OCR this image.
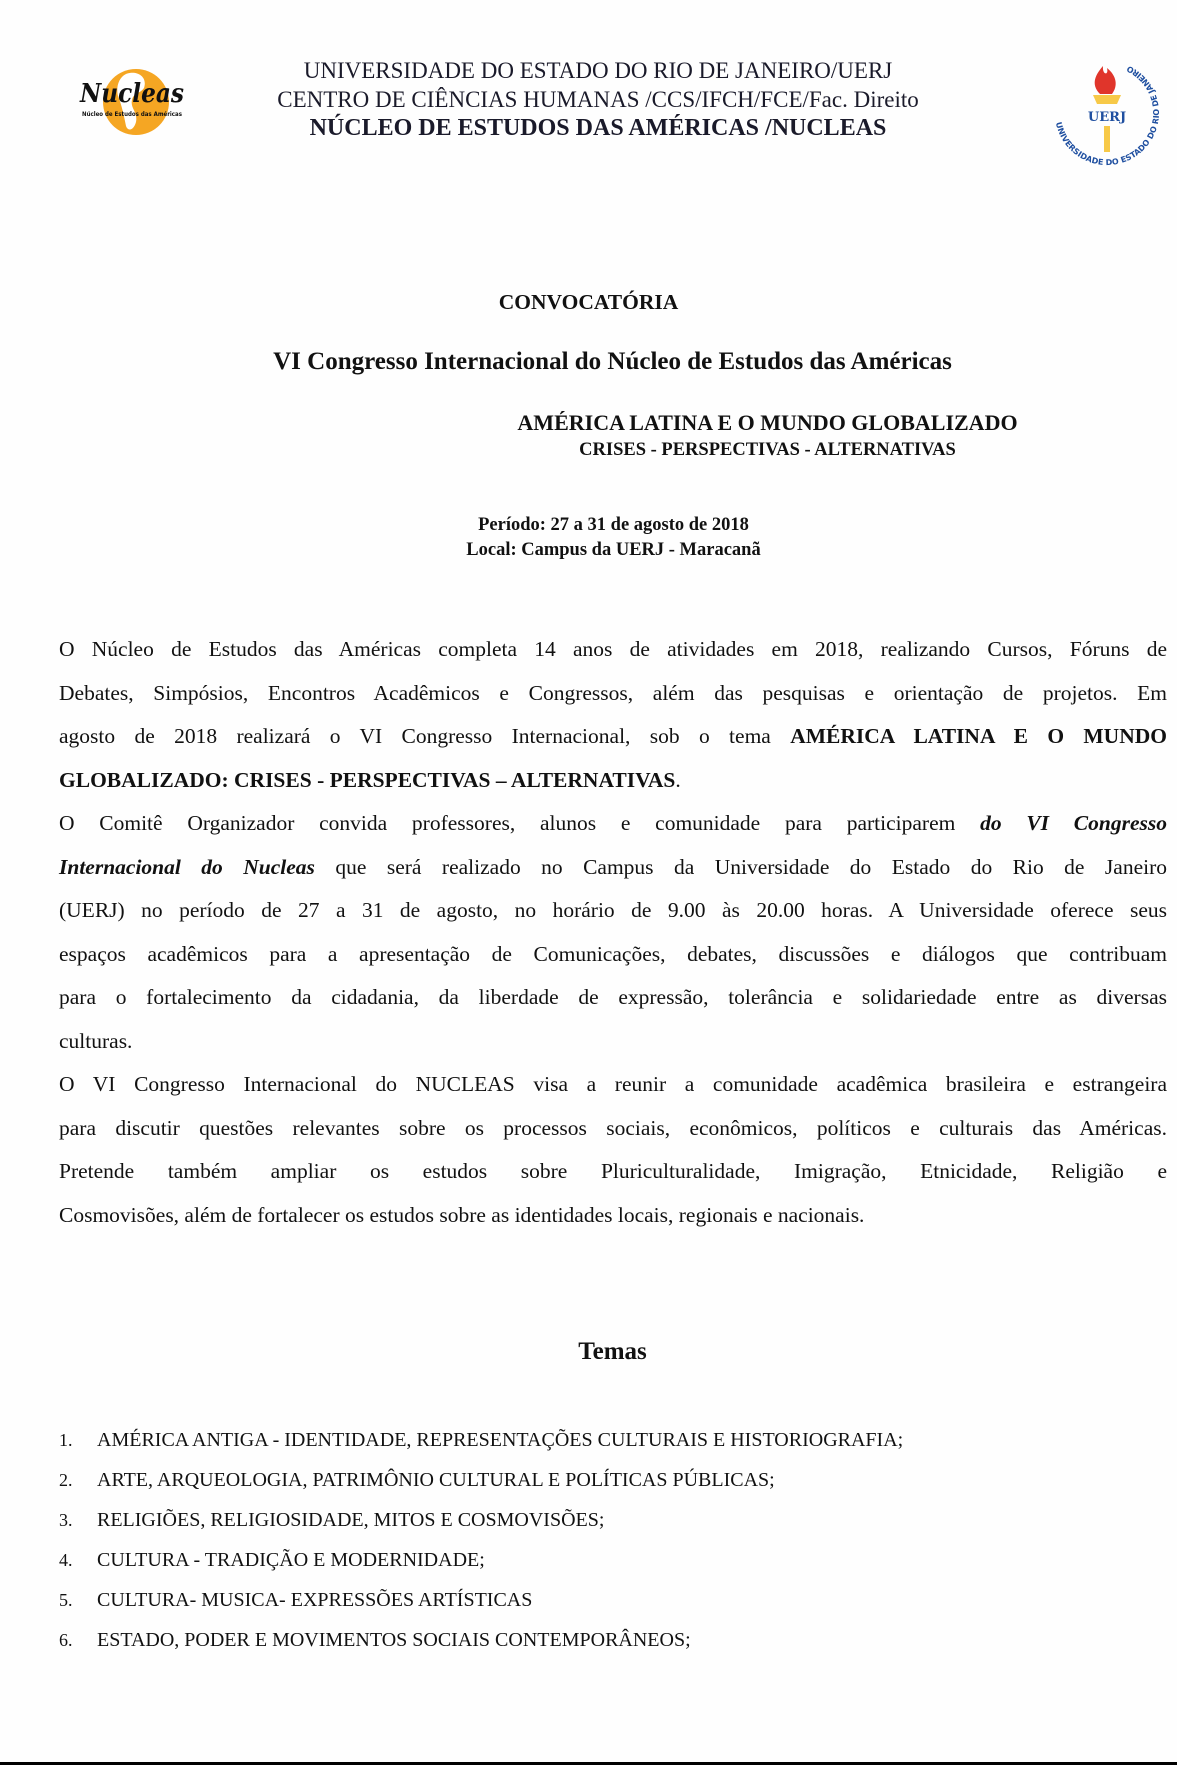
Nucleas
Núcleo de Estudos das Américas
UNIVERSIDADE DO ESTADO DO RIO DE JANEIRO/UERJ
CENTRO DE CIÊNCIAS HUMANAS /CCS/IFCH/FCE/Fac. Direito
NÚCLEO DE ESTUDOS DAS AMÉRICAS /NUCLEAS	UNIVERSIDADE DO ESTADO DO RIO DE JANEIRO
UERJ
CONVOCATÓRIA
VI Congresso Internacional do Núcleo de Estudos das Américas
AMÉRICA LATINA E O MUNDO GLOBALIZADO
CRISES - PERSPECTIVAS - ALTERNATIVAS
Período: 27 a 31 de agosto de 2018
Local: Campus da UERJ - Maracanã
O Núcleo de Estudos das Américas completa 14 anos de atividades em 2018, realizando Cursos, Fóruns de
Debates, Simpósios, Encontros Acadêmicos e Congressos, além das pesquisas e orientação de projetos. Em
agosto de 2018 realizará o VI Congresso Internacional, sob o tema AMÉRICA LATINA E O MUNDO
GLOBALIZADO: CRISES - PERSPECTIVAS – ALTERNATIVAS.
O Comitê Organizador convida professores, alunos e comunidade para participarem do VI Congresso
Internacional do Nucleas que será realizado no Campus da Universidade do Estado do Rio de Janeiro
(UERJ) no período de 27 a 31 de agosto, no horário de 9.00 às 20.00 horas. A Universidade oferece seus
espaços acadêmicos para a apresentação de Comunicações, debates, discussões e diálogos que contribuam
para o fortalecimento da cidadania, da liberdade de expressão, tolerância e solidariedade entre as diversas
culturas.
O VI Congresso Internacional do NUCLEAS visa a reunir a comunidade acadêmica brasileira e estrangeira
para discutir questões relevantes sobre os processos sociais, econômicos, políticos e culturais das Américas.
Pretende também ampliar os estudos sobre Pluriculturalidade, Imigração, Etnicidade, Religião e
Cosmovisões, além de fortalecer os estudos sobre as identidades locais, regionais e nacionais.
Temas
1.	AMÉRICA ANTIGA - IDENTIDADE, REPRESENTAÇÕES CULTURAIS E HISTORIOGRAFIA;
2.	ARTE, ARQUEOLOGIA, PATRIMÔNIO CULTURAL E POLÍTICAS PÚBLICAS;
3.	RELIGIÕES, RELIGIOSIDADE, MITOS E COSMOVISÕES;
4.	CULTURA - TRADIÇÃO E MODERNIDADE;
5.	CULTURA- MUSICA- EXPRESSÕES ARTÍSTICAS
6.	ESTADO, PODER E MOVIMENTOS SOCIAIS CONTEMPORÂNEOS;
